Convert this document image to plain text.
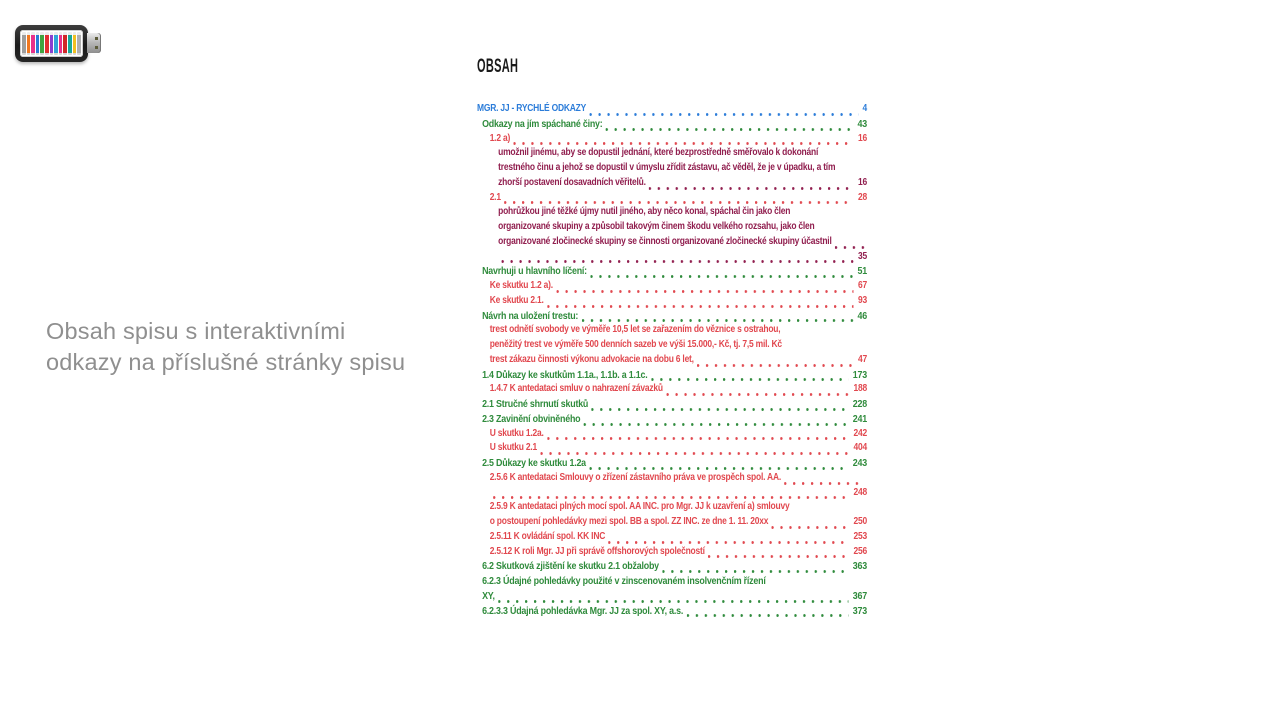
Obsah spisu s interaktivními
odkazy na příslušné stránky spisu
OBSAH
MGR. JJ - RYCHLÉ ODKAZY	4
Odkazy na jím spáchané činy:	43
1.2 a)	16
umožnil jinému, aby se dopustil jednání, které bezprostředně směřovalo k dokonání
trestného činu a jehož se dopustil v úmyslu zřídit zástavu, ač věděl, že je v úpadku, a tím
zhorší postavení dosavadních věřitelů.	16
2.1	28
pohrůžkou jiné těžké újmy nutil jiného, aby něco konal, spáchal čin jako člen
organizované skupiny a způsobil takovým činem škodu velkého rozsahu, jako člen
organizované zločinecké skupiny se činnosti organizované zločinecké skupiny účastnil
35
Navrhuji u hlavního líčení:	51
Ke skutku 1.2 a).	67
Ke skutku 2.1.	93
Návrh na uložení trestu:	46
trest odnětí svobody ve výměře 10,5 let se zařazením do věznice s ostrahou,
peněžitý trest ve výměře 500 denních sazeb ve výši 15.000,- Kč, tj. 7,5 mil. Kč
trest zákazu činnosti výkonu advokacie na dobu 6 let,	47
1.4 Důkazy ke skutkům 1.1a., 1.1b. a 1.1c.	173
1.4.7 K antedataci smluv o nahrazení závazků	188
2.1 Stručné shrnutí skutků	228
2.3 Zavinění obviněného	241
U skutku 1.2a.	242
U skutku 2.1	404
2.5 Důkazy ke skutku 1.2a	243
2.5.6 K antedataci Smlouvy o zřízení zástavního práva ve prospěch spol. AA.
248
2.5.9 K antedataci plných mocí spol. AA INC. pro Mgr. JJ k uzavření a) smlouvy
o postoupení pohledávky mezi spol. BB a spol. ZZ INC. ze dne 1. 11. 20xx	250
2.5.11 K ovládání spol. KK INC	253
2.5.12 K roli Mgr. JJ při správě offshorových společností	256
6.2 Skutková zjištění ke skutku 2.1 obžaloby	363
6.2.3 Údajné pohledávky použité v zinscenovaném insolvenčním řízení
XY,	367
6.2.3.3 Údajná pohledávka Mgr. JJ za spol. XY, a.s.	373
